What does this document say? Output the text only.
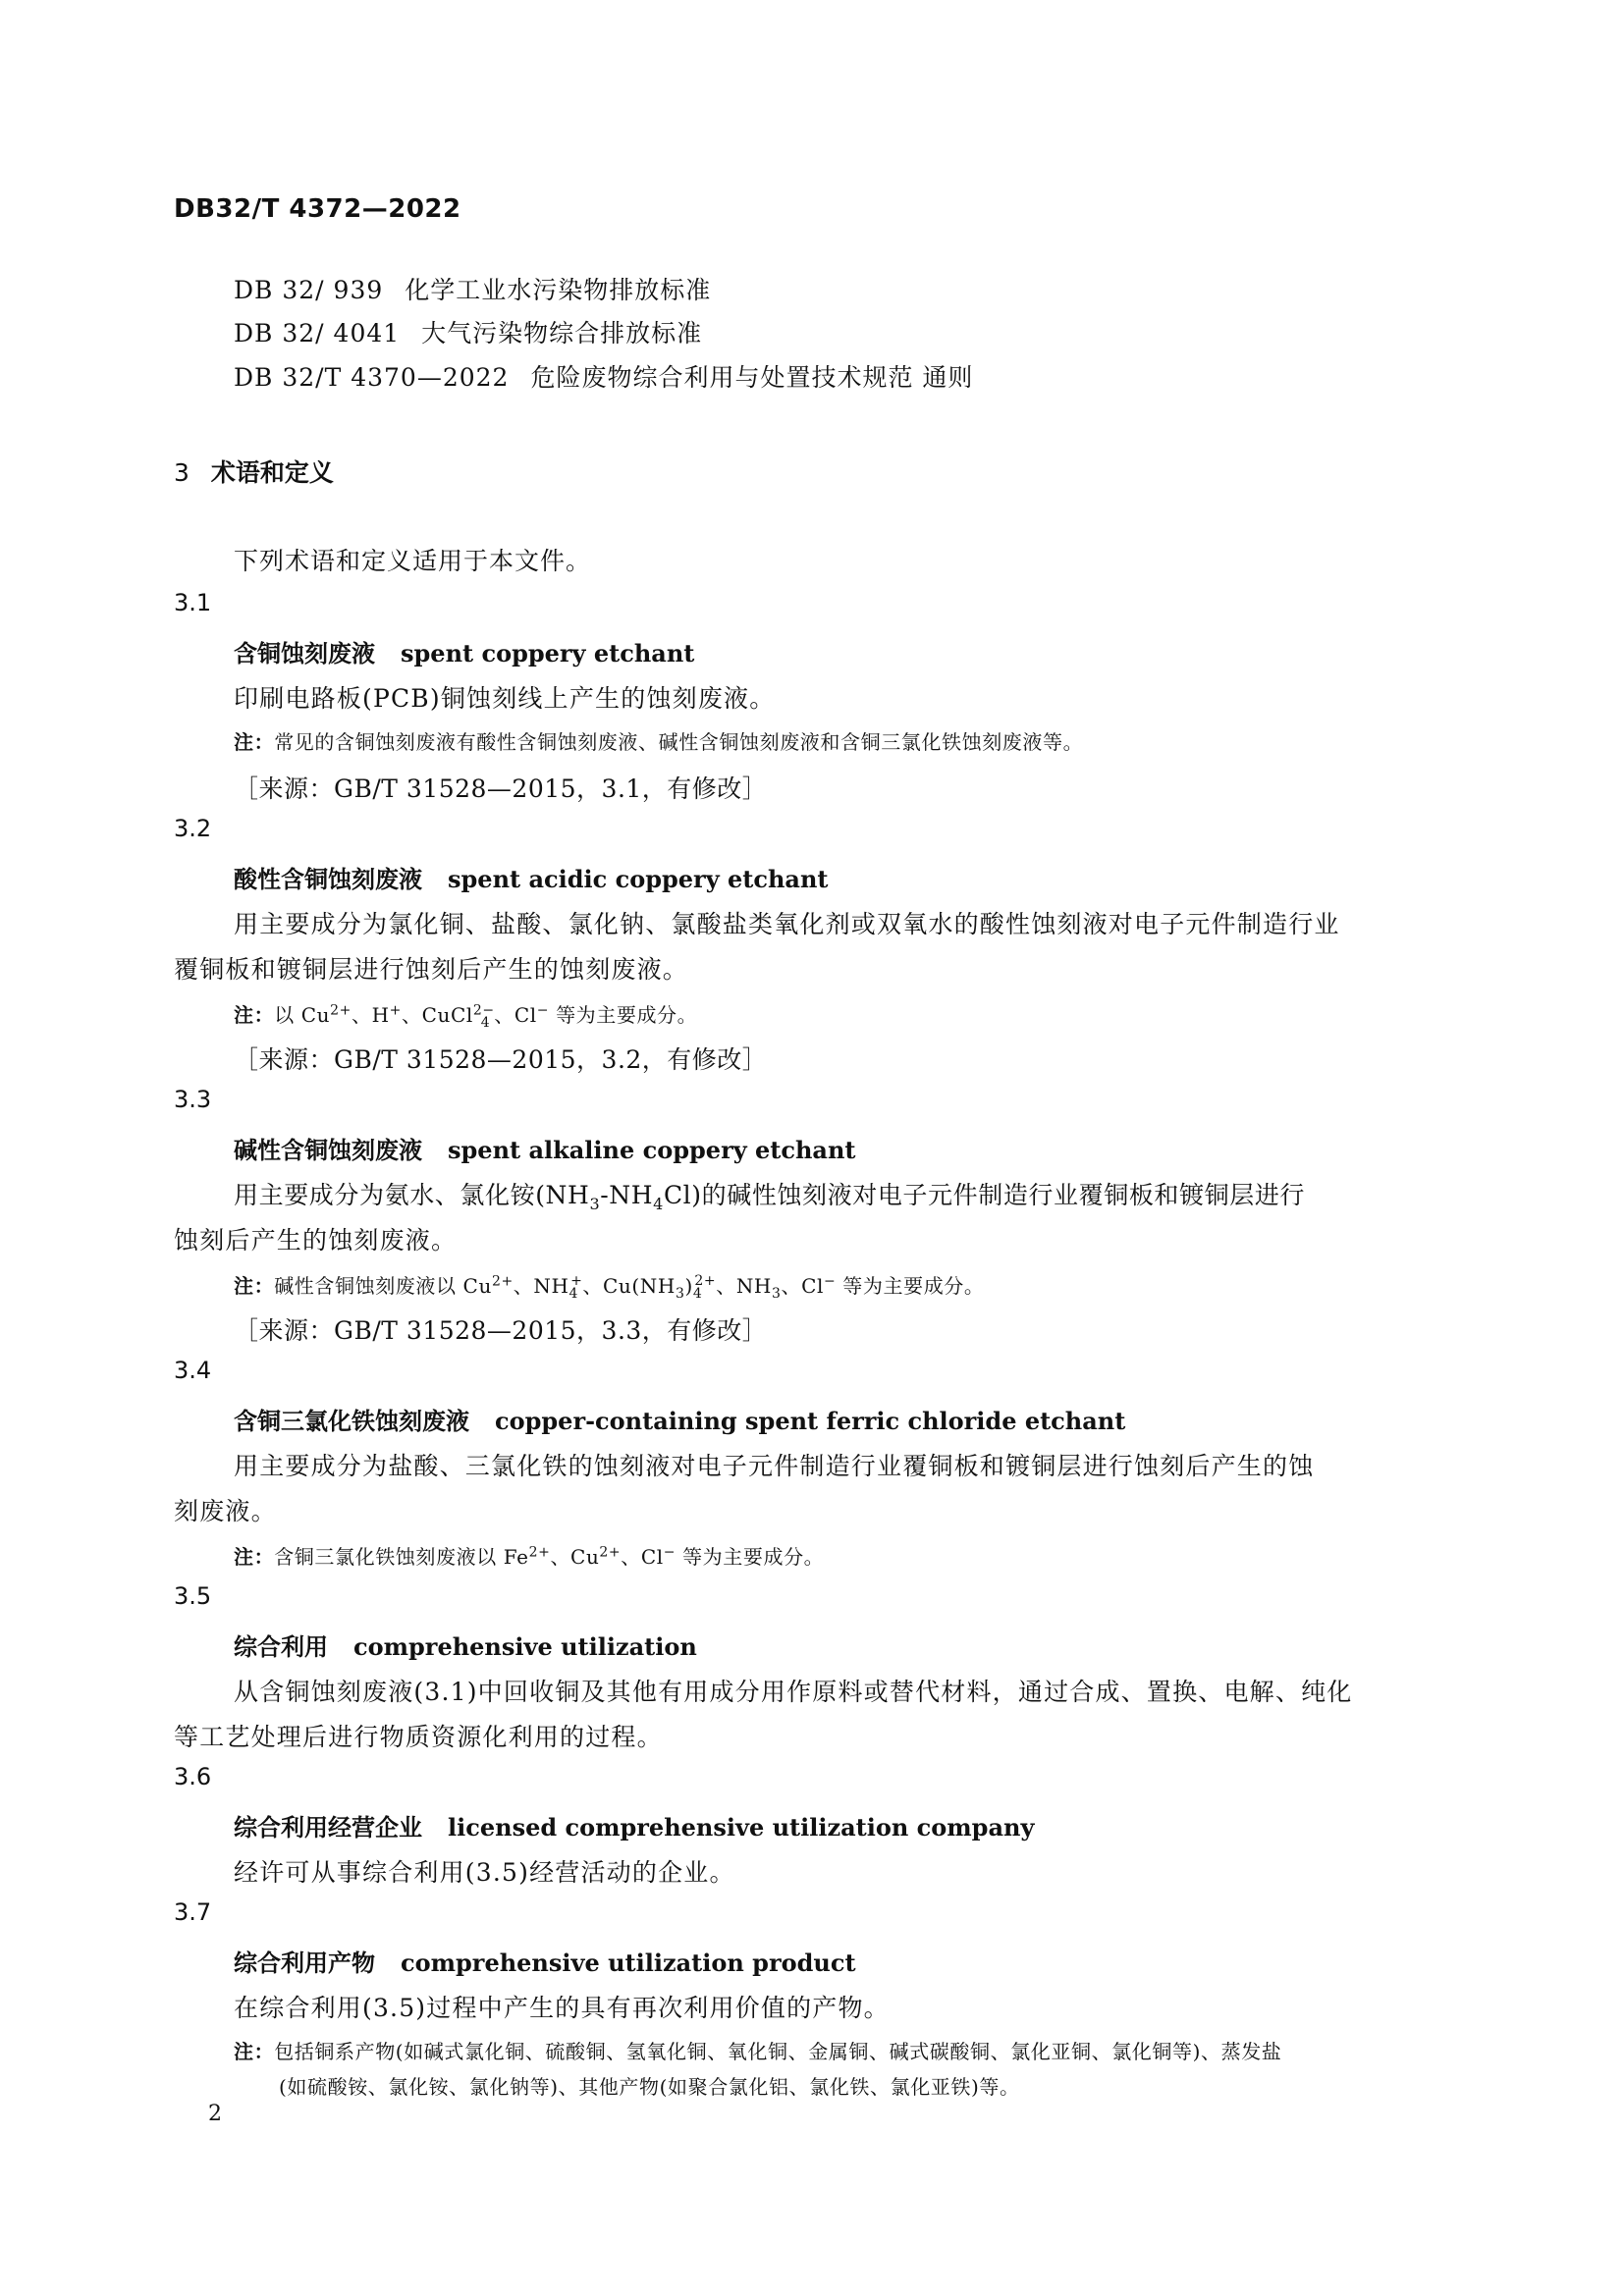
DB32/T 4372—2022
DB 32/ 939 化学工业水污染物排放标准
DB 32/ 4041 大气污染物综合排放标准
DB 32/T 4370—2022 危险废物综合利用与处置技术规范 通则
3 术语和定义
下列术语和定义适用于本文件。
3.1
含铜蚀刻废液 spent coppery etchant
印刷电路板(PCB)铜蚀刻线上产生的蚀刻废液。
注：常见的含铜蚀刻废液有酸性含铜蚀刻废液、碱性含铜蚀刻废液和含铜三氯化铁蚀刻废液等。
［来源：GB/T 31528—2015，3.1，有修改］
3.2
酸性含铜蚀刻废液 spent acidic coppery etchant
用主要成分为氯化铜、盐酸、氯化钠、氯酸盐类氧化剂或双氧水的酸性蚀刻液对电子元件制造行业
覆铜板和镀铜层进行蚀刻后产生的蚀刻废液。
注：以 $Cu^{2+}$、H+、CuCl$^{2-}_4$ 、Cl− 等为主要成分。
［来源：GB/T 31528—2015，3.2，有修改］
3.3
碱性含铜蚀刻废液 spent alkaline coppery etchant
用主要成分为氨水、氯化铵$(NH_3-NH_4Cl)$的碱性蚀刻液对电子元件制造行业覆铜板和镀铜层进行
蚀刻后产生的蚀刻废液。
注：碱性含铜蚀刻废液以 $Cu^{2+}$、$NH_4^+$、$Cu(NH_3)_4^{2+}$、$NH_3$、Cl− 等为主要成分。
［来源：GB/T 31528—2015，3.3，有修改］
3.4
含铜三氯化铁蚀刻废液 copper-containing spent ferric chloride etchant
用主要成分为盐酸、三氯化铁的蚀刻液对电子元件制造行业覆铜板和镀铜层进行蚀刻后产生的蚀
刻废液。
注：含铜三氯化铁蚀刻废液以 $Fe^{2+}$、$Cu^{2+}$、Cl− 等为主要成分。
3.5
综合利用 comprehensive utilization
从含铜蚀刻废液(3.1)中回收铜及其他有用成分用作原料或替代材料，通过合成、置换、电解、纯化
等工艺处理后进行物质资源化利用的过程。
3.6
综合利用经营企业 licensed comprehensive utilization company
经许可从事综合利用(3.5)经营活动的企业。
3.7
综合利用产物 comprehensive utilization product
在综合利用(3.5)过程中产生的具有再次利用价值的产物。
注：包括铜系产物(如碱式氯化铜、硫酸铜、氢氧化铜、氧化铜、金属铜、碱式碳酸铜、氯化亚铜、氯化铜等)、蒸发盐
(如硫酸铵、氯化铵、氯化钠等)、其他产物(如聚合氯化铝、氯化铁、氯化亚铁)等。
2
